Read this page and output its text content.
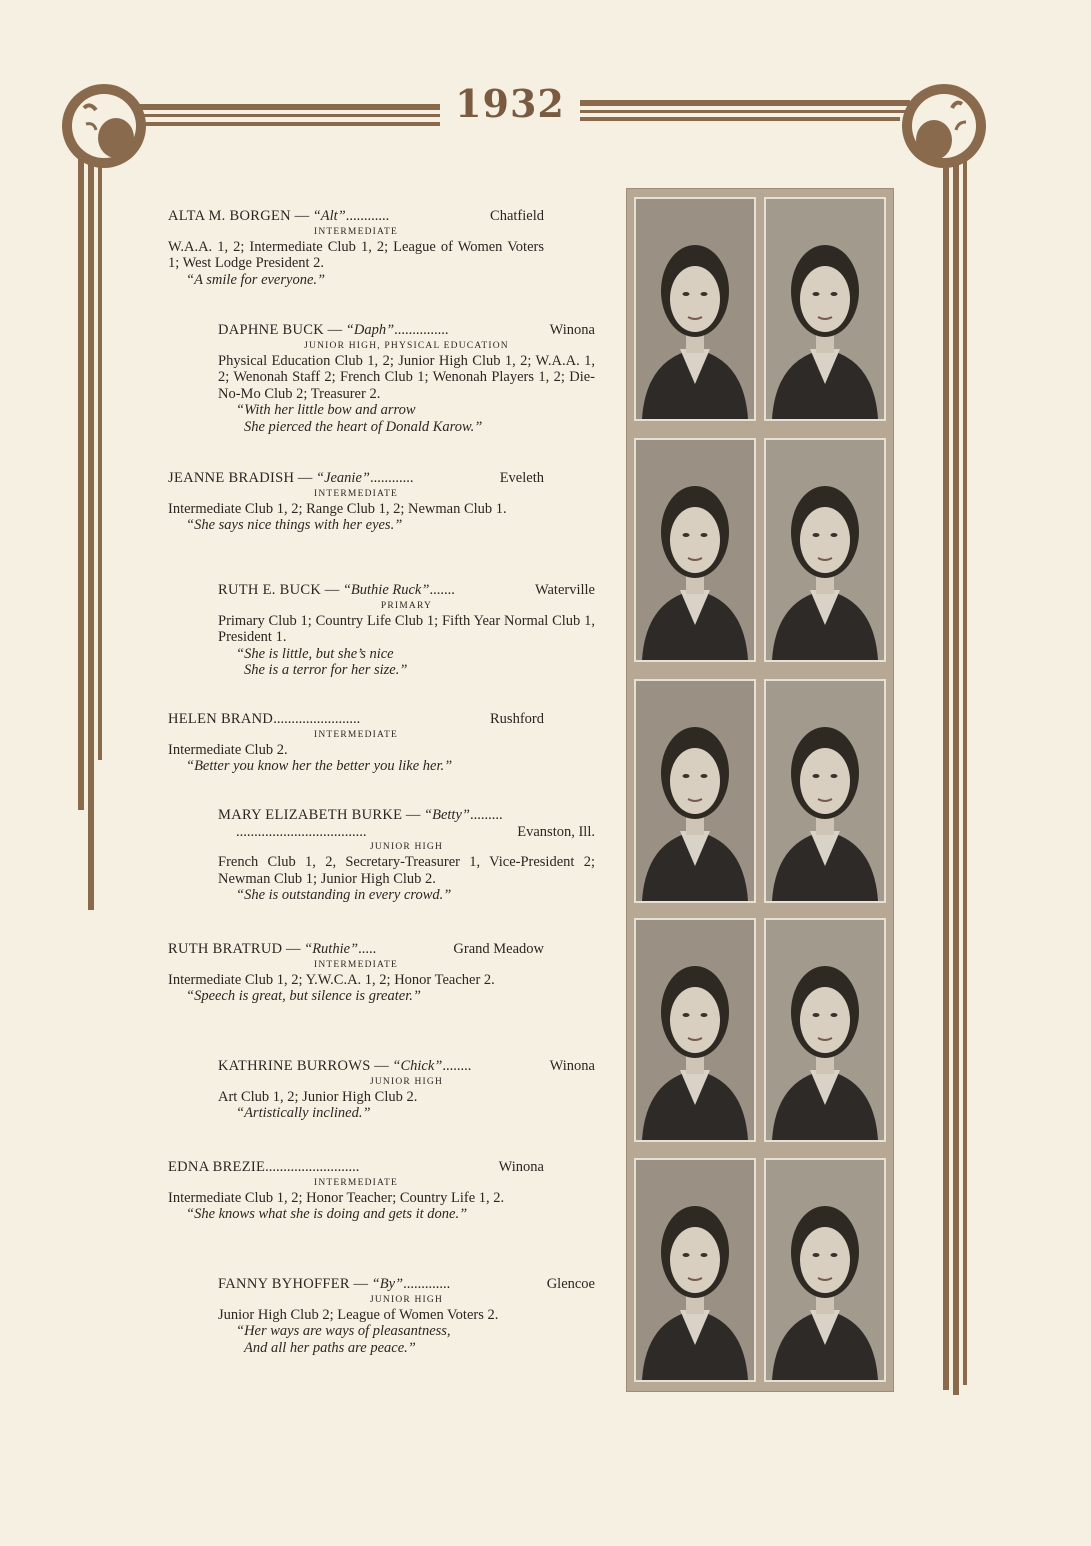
1932
ALTA M. BORGEN — “Alt”............	Chatfield
INTERMEDIATE
W.A.A. 1, 2; Intermediate Club 1, 2; League of Women Voters 1; West Lodge President 2.
“A smile for everyone.”
DAPHNE BUCK — “Daph”...............	Winona
JUNIOR HIGH, PHYSICAL EDUCATION
Physical Education Club 1, 2; Junior High Club 1, 2; W.A.A. 1, 2; Wenonah Staff 2; French Club 1; Wenonah Players 1, 2; Die-No-Mo Club 2; Treasurer 2.
“With her little bow and arrow
She pierced the heart of Donald Karow.”
JEANNE BRADISH — “Jeanie”............	Eveleth
INTERMEDIATE
Intermediate Club 1, 2; Range Club 1, 2; Newman Club 1.
“She says nice things with her eyes.”
RUTH E. BUCK — “Buthie Ruck”.......	Waterville
PRIMARY
Primary Club 1; Country Life Club 1; Fifth Year Normal Club 1, President 1.
“She is little, but she’s nice
She is a terror for her size.”
HELEN BRAND........................	Rushford
INTERMEDIATE
Intermediate Club 2.
“Better you know her the better you like her.”
MARY ELIZABETH BURKE — “Betty”.........
....................................	Evanston, Ill.
JUNIOR HIGH
French Club 1, 2, Secretary-Treasurer 1, Vice-President 2; Newman Club 1; Junior High Club 2.
“She is outstanding in every crowd.”
RUTH BRATRUD — “Ruthie”.....	Grand Meadow
INTERMEDIATE
Intermediate Club 1, 2; Y.W.C.A. 1, 2; Honor Teacher 2.
“Speech is great, but silence is greater.”
KATHRINE BURROWS — “Chick”........	Winona
JUNIOR HIGH
Art Club 1, 2; Junior High Club 2.
“Artistically inclined.”
EDNA BREZIE..........................	Winona
INTERMEDIATE
Intermediate Club 1, 2; Honor Teacher; Country Life 1, 2.
“She knows what she is doing and gets it done.”
FANNY BYHOFFER — “By”.............	Glencoe
JUNIOR HIGH
Junior High Club 2; League of Women Voters 2.
“Her ways are ways of pleasantness,
And all her paths are peace.”
